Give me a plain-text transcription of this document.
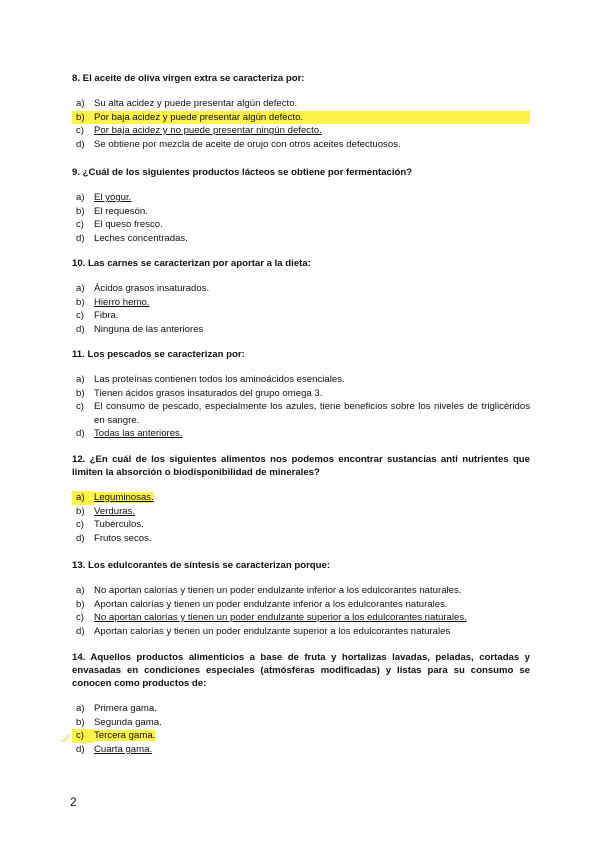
8. El aceite de oliva virgen extra se caracteriza por:

a) Su alta acidez y puede presentar algún defecto.
b) Por baja acidez y puede presentar algún defecto.
c)	Por baja acidez y no puede presentar ningún defecto.
d) Se obtiene por mezcla de aceite de orujo con otros aceites defectuosos.

9. ¿Cuál de los siguientes productos lácteos se obtiene por fermentación?

a) El yogur.
b) El requesón.
c)	El queso fresco.
d) Leches concentradas.

10. Las carnes se caracterizan por aportar a la dieta:

a) Ácidos grasos insaturados.
b) Hierro hemo.
c)	Fibra.
d) Ninguna de las anteriores

11. Los pescados se caracterizan por:

a) Las proteínas contienen todos los aminoácidos esenciales.
b) Tienen ácidos grasos insaturados del grupo omega 3.
c)	El consumo de pescado, especialmente los azules, tiene beneficios sobre los niveles de triglicéridos en sangre.
d) Todas las anteriores.

12. ¿En cuál de los siguientes alimentos nos podemos encontrar sustancias anti nutrientes que limiten la absorción o biodisponibilidad de minerales?

a) Leguminosas.
b) Verduras.
c)	Tubérculos.
d) Frutos secos.

13. Los edulcorantes de síntesis se caracterizan porque:

a) No aportan calorías y tienen un poder endulzante inferior a los edulcorantes naturales.
b) Aportan calorías y tienen un poder endulzante inferior a los edulcorantes naturales.
c)	No aportan calorías y tienen un poder endulzante superior a los edulcorantes naturales.
d) Aportan calorías y tienen un poder endulzante superior a los edulcorantes naturales

14. Aquellos productos alimenticios a base de fruta y hortalizas lavadas, peladas, cortadas y envasadas en condiciones especiales (atmósferas modificadas) y listas para su consumo se conocen como productos de:

a) Primera gama.
b) Segunda gama.
c)	Tercera gama.
d) Cuarta gama.
2
